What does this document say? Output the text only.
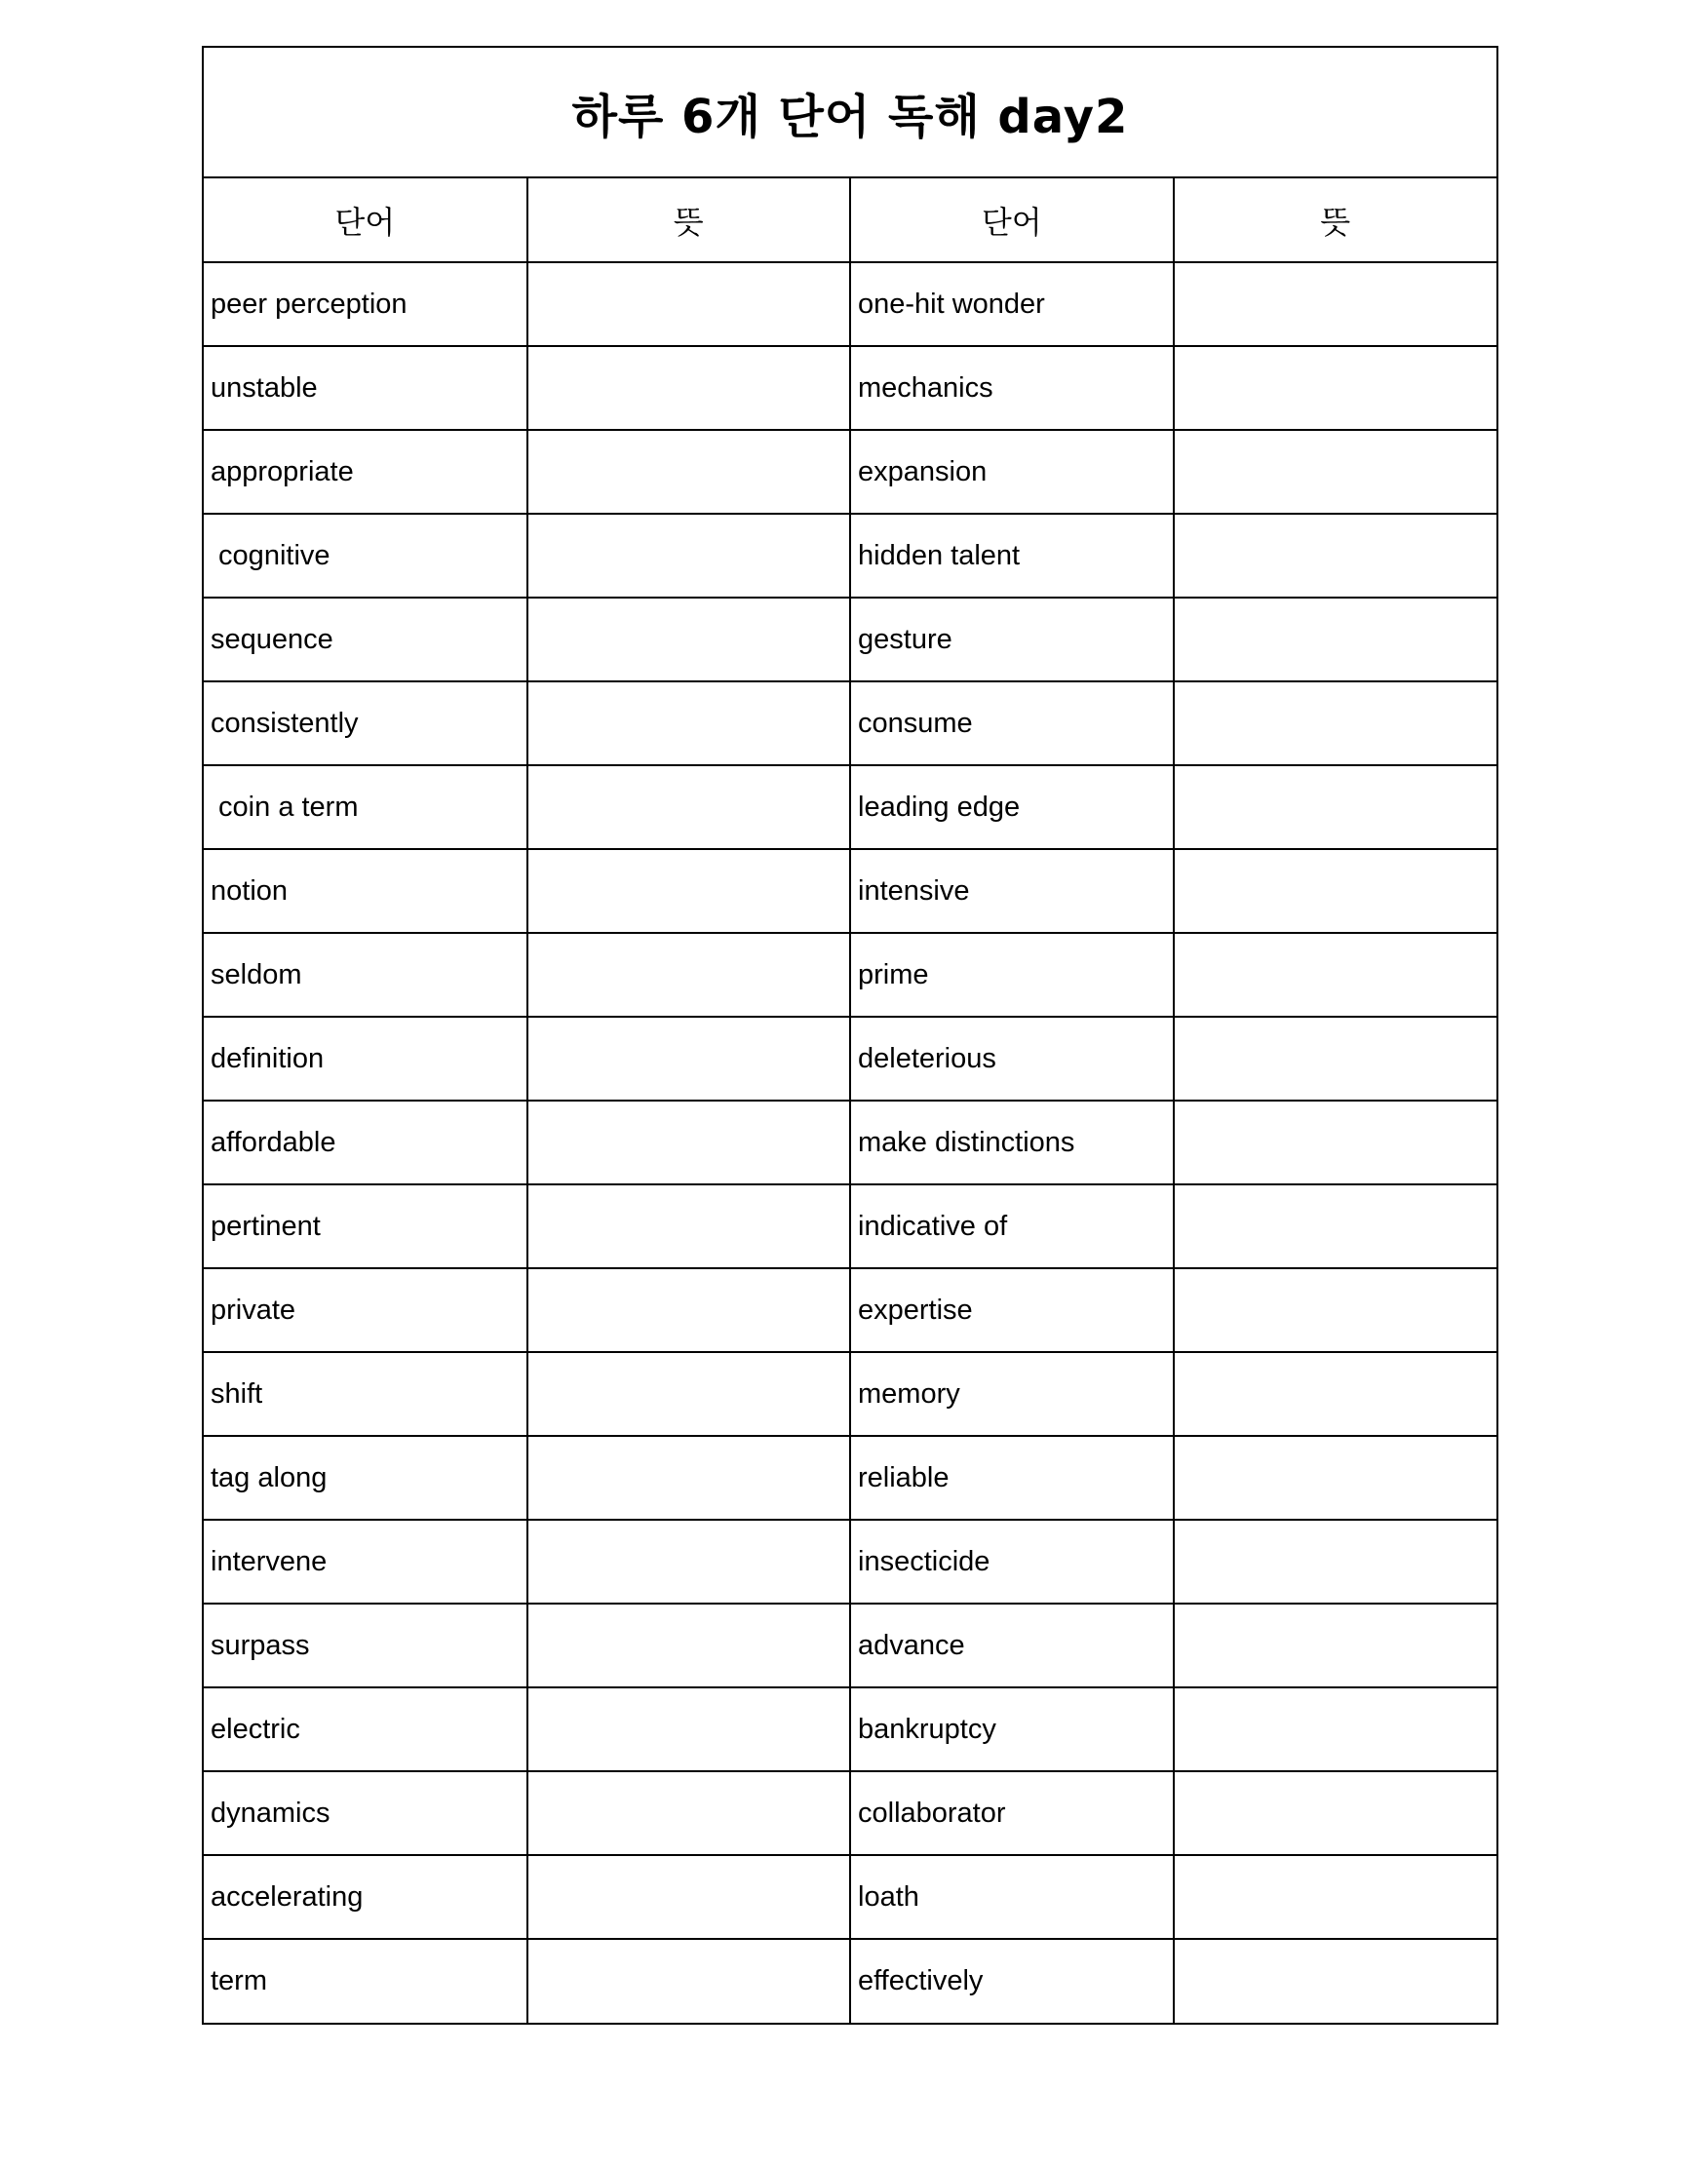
하루 6개 단어 독해 day2
단어	뜻	단어	뜻
peer perception		one-hit wonder	
unstable		mechanics	
appropriate		expansion	
cognitive		hidden talent	
sequence		gesture	
consistently		consume	
coin a term		leading edge	
notion		intensive	
seldom		prime	
definition		deleterious	
affordable		make distinctions	
pertinent		indicative of	
private		expertise	
shift		memory	
tag along		reliable	
intervene		insecticide	
surpass		advance	
electric		bankruptcy	
dynamics		collaborator	
accelerating		loath	
term		effectively	
